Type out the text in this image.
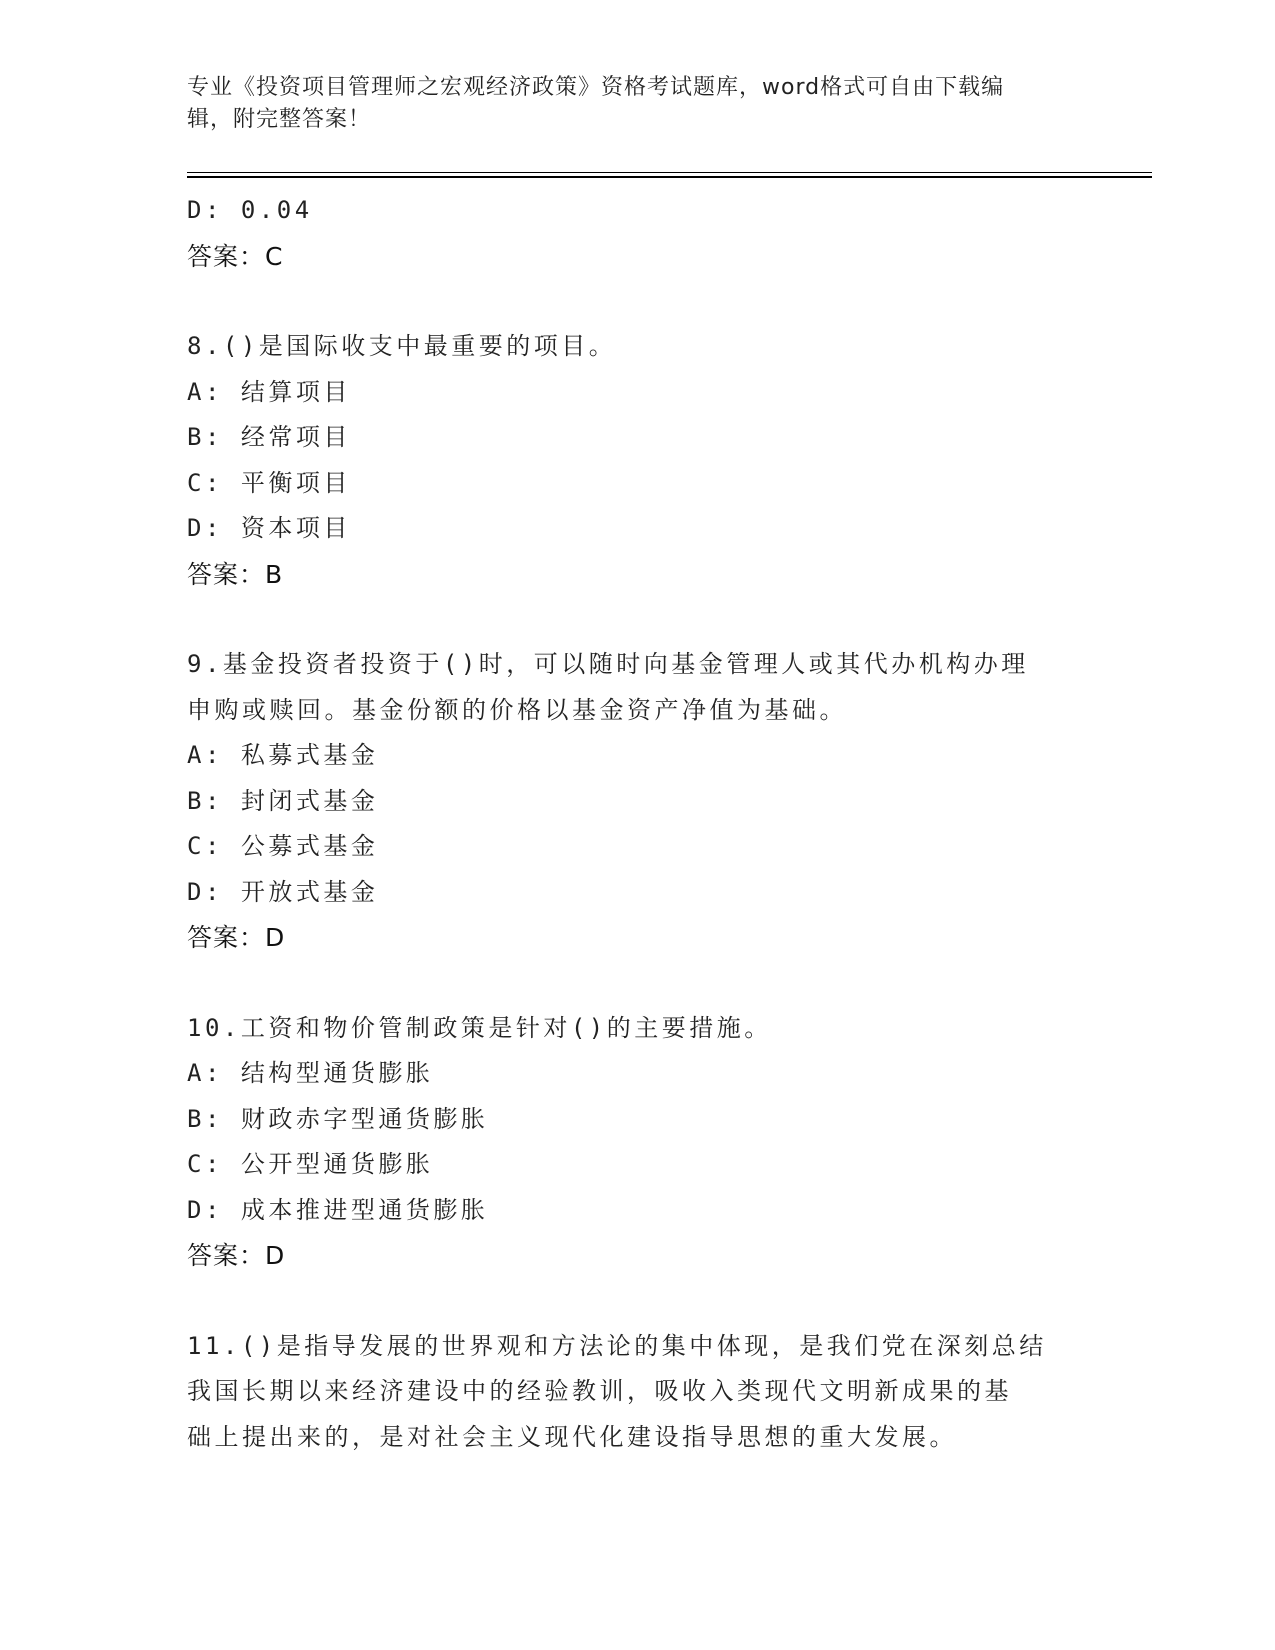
专业《投资项目管理师之宏观经济政策》资格考试题库，word格式可自由下载编
辑，附完整答案！

D: 0.04

答案：C

8.()是国际收支中最重要的项目。

A: 结算项目

B: 经常项目

C: 平衡项目

D: 资本项目

答案：B

9.基金投资者投资于()时，可以随时向基金管理人或其代办机构办理

申购或赎回。基金份额的价格以基金资产净值为基础。

A: 私募式基金

B: 封闭式基金

C: 公募式基金

D: 开放式基金

答案：D

10.工资和物价管制政策是针对()的主要措施。

A: 结构型通货膨胀

B: 财政赤字型通货膨胀

C: 公开型通货膨胀

D: 成本推进型通货膨胀

答案：D

11.()是指导发展的世界观和方法论的集中体现，是我们党在深刻总结

我国长期以来经济建设中的经验教训，吸收入类现代文明新成果的基

础上提出来的，是对社会主义现代化建设指导思想的重大发展。
